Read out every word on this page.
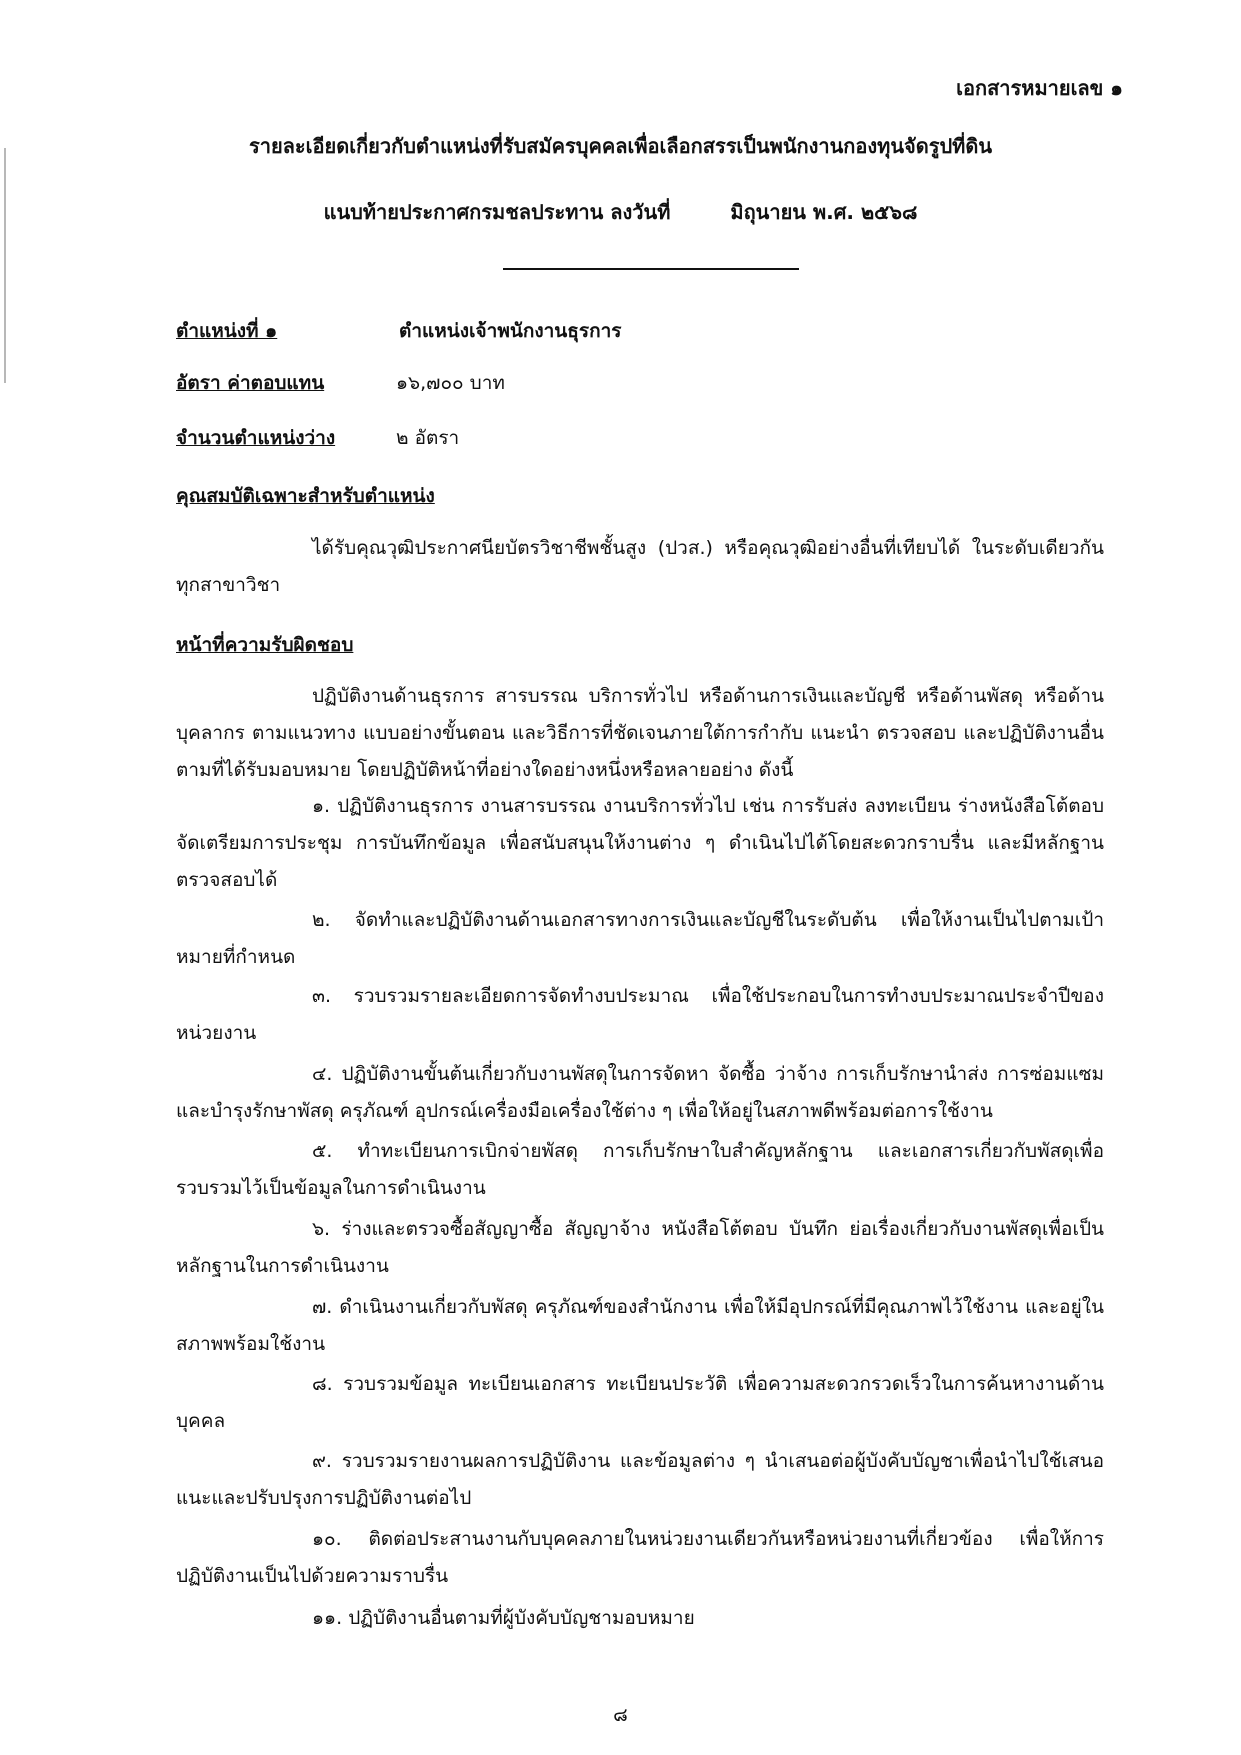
เอกสารหมายเลข ๑
รายละเอียดเกี่ยวกับตำแหน่งที่รับสมัครบุคคลเพื่อเลือกสรรเป็นพนักงานกองทุนจัดรูปที่ดิน
แนบท้ายประกาศกรมชลประทาน ลงวันที่	มิถุนายน พ.ศ. ๒๕๖๘
ตำแหน่งที่ ๑	ตำแหน่งเจ้าพนักงานธุรการ
อัตรา ค่าตอบแทน	๑๖,๗๐๐ บาท
จำนวนตำแหน่งว่าง	๒ อัตรา
คุณสมบัติเฉพาะสำหรับตำแหน่ง
ได้รับคุณวุฒิประกาศนียบัตรวิชาชีพชั้นสูง (ปวส.) หรือคุณวุฒิอย่างอื่นที่เทียบได้ ในระดับเดียวกันทุกสาขาวิชา
หน้าที่ความรับผิดชอบ
ปฏิบัติงานด้านธุรการ สารบรรณ บริการทั่วไป หรือด้านการเงินและบัญชี หรือด้านพัสดุ หรือด้านบุคลากร ตามแนวทาง แบบอย่างขั้นตอน และวิธีการที่ชัดเจนภายใต้การกำกับ แนะนำ ตรวจสอบ และปฏิบัติงานอื่นตามที่ได้รับมอบหมาย โดยปฏิบัติหน้าที่อย่างใดอย่างหนึ่งหรือหลายอย่าง ดังนี้
๑. ปฏิบัติงานธุรการ งานสารบรรณ งานบริการทั่วไป เช่น การรับส่ง ลงทะเบียน ร่างหนังสือโต้ตอบ จัดเตรียมการประชุม การบันทึกข้อมูล เพื่อสนับสนุนให้งานต่าง ๆ ดำเนินไปได้โดยสะดวกราบรื่น และมีหลักฐานตรวจสอบได้
๒. จัดทำและปฏิบัติงานด้านเอกสารทางการเงินและบัญชีในระดับต้น เพื่อให้งานเป็นไปตามเป้าหมายที่กำหนด
๓. รวบรวมรายละเอียดการจัดทำงบประมาณ เพื่อใช้ประกอบในการทำงบประมาณประจำปีของหน่วยงาน
๔. ปฏิบัติงานขั้นต้นเกี่ยวกับงานพัสดุในการจัดหา จัดซื้อ ว่าจ้าง การเก็บรักษานำส่ง การซ่อมแซมและบำรุงรักษาพัสดุ ครุภัณฑ์ อุปกรณ์เครื่องมือเครื่องใช้ต่าง ๆ เพื่อให้อยู่ในสภาพดีพร้อมต่อการใช้งาน
๕. ทำทะเบียนการเบิกจ่ายพัสดุ การเก็บรักษาใบสำคัญหลักฐาน และเอกสารเกี่ยวกับพัสดุเพื่อรวบรวมไว้เป็นข้อมูลในการดำเนินงาน
๖. ร่างและตรวจซื้อสัญญาซื้อ สัญญาจ้าง หนังสือโต้ตอบ บันทึก ย่อเรื่องเกี่ยวกับงานพัสดุเพื่อเป็นหลักฐานในการดำเนินงาน
๗. ดำเนินงานเกี่ยวกับพัสดุ ครุภัณฑ์ของสำนักงาน เพื่อให้มีอุปกรณ์ที่มีคุณภาพไว้ใช้งาน และอยู่ในสภาพพร้อมใช้งาน
๘. รวบรวมข้อมูล ทะเบียนเอกสาร ทะเบียนประวัติ เพื่อความสะดวกรวดเร็วในการค้นหางานด้านบุคคล
๙. รวบรวมรายงานผลการปฏิบัติงาน และข้อมูลต่าง ๆ นำเสนอต่อผู้บังคับบัญชาเพื่อนำไปใช้เสนอแนะและปรับปรุงการปฏิบัติงานต่อไป
๑๐. ติดต่อประสานงานกับบุคคลภายในหน่วยงานเดียวกันหรือหน่วยงานที่เกี่ยวข้อง เพื่อให้การปฏิบัติงานเป็นไปด้วยความราบรื่น
๑๑. ปฏิบัติงานอื่นตามที่ผู้บังคับบัญชามอบหมาย
๘
